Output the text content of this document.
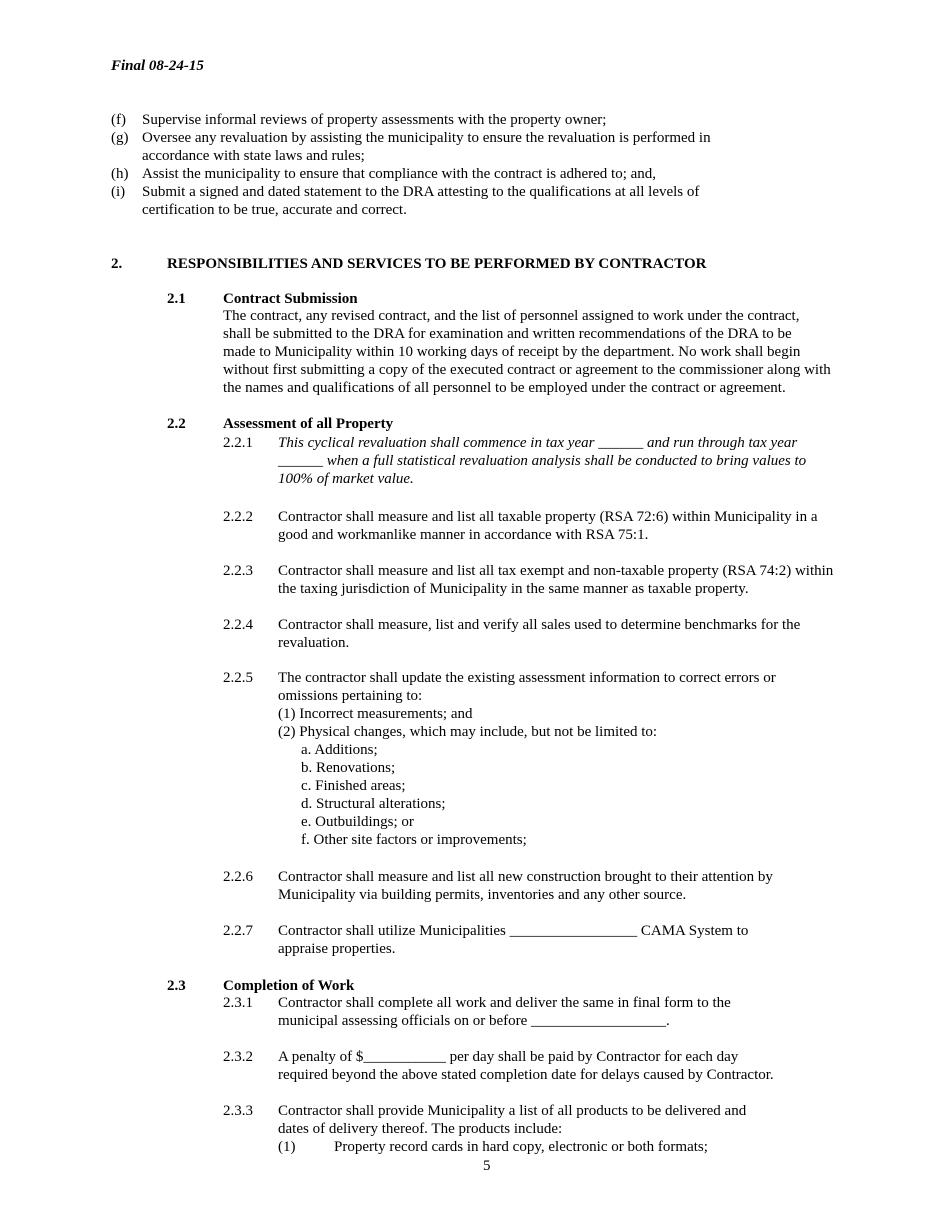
Final 08-24-15
(f) Supervise informal reviews of property assessments with the property owner;
(g) Oversee any revaluation by assisting the municipality to ensure the revaluation is performed in
accordance with state laws and rules;
(h) Assist the municipality to ensure that compliance with the contract is adhered to; and,
(i) Submit a signed and dated statement to the DRA attesting to the qualifications at all levels of
certification to be true, accurate and correct.
2.	RESPONSIBILITIES AND SERVICES TO BE PERFORMED BY CONTRACTOR
2.1 Contract Submission
The contract, any revised contract, and the list of personnel assigned to work under the contract,
shall be submitted to the DRA for examination and written recommendations of the DRA to be
made to Municipality within 10 working days of receipt by the department. No work shall begin
without first submitting a copy of the executed contract or agreement to the commissioner along with
the names and qualifications of all personnel to be employed under the contract or agreement.
2.2 Assessment of all Property
2.2.1 This cyclical revaluation shall commence in tax year ______ and run through tax year
______ when a full statistical revaluation analysis shall be conducted to bring values to
100% of market value.
2.2.2 Contractor shall measure and list all taxable property (RSA 72:6) within Municipality in a
good and workmanlike manner in accordance with RSA 75:1.
2.2.3 Contractor shall measure and list all tax exempt and non-taxable property (RSA 74:2) within
the taxing jurisdiction of Municipality in the same manner as taxable property.
2.2.4 Contractor shall measure, list and verify all sales used to determine benchmarks for the
revaluation.
2.2.5 The contractor shall update the existing assessment information to correct errors or
omissions pertaining to:
(1) Incorrect measurements; and
(2) Physical changes, which may include, but not be limited to:
a. Additions;
b. Renovations;
c. Finished areas;
d. Structural alterations;
e. Outbuildings; or
f. Other site factors or improvements;
2.2.6 Contractor shall measure and list all new construction brought to their attention by
Municipality via building permits, inventories and any other source.
2.2.7 Contractor shall utilize Municipalities _________________ CAMA System to
appraise properties.
2.3 Completion of Work
2.3.1 Contractor shall complete all work and deliver the same in final form to the
municipal assessing officials on or before __________________.
2.3.2 A penalty of $___________ per day shall be paid by Contractor for each day
required beyond the above stated completion date for delays caused by Contractor.
2.3.3 Contractor shall provide Municipality a list of all products to be delivered and
dates of delivery thereof. The products include:
(1)	Property record cards in hard copy, electronic or both formats;
5
